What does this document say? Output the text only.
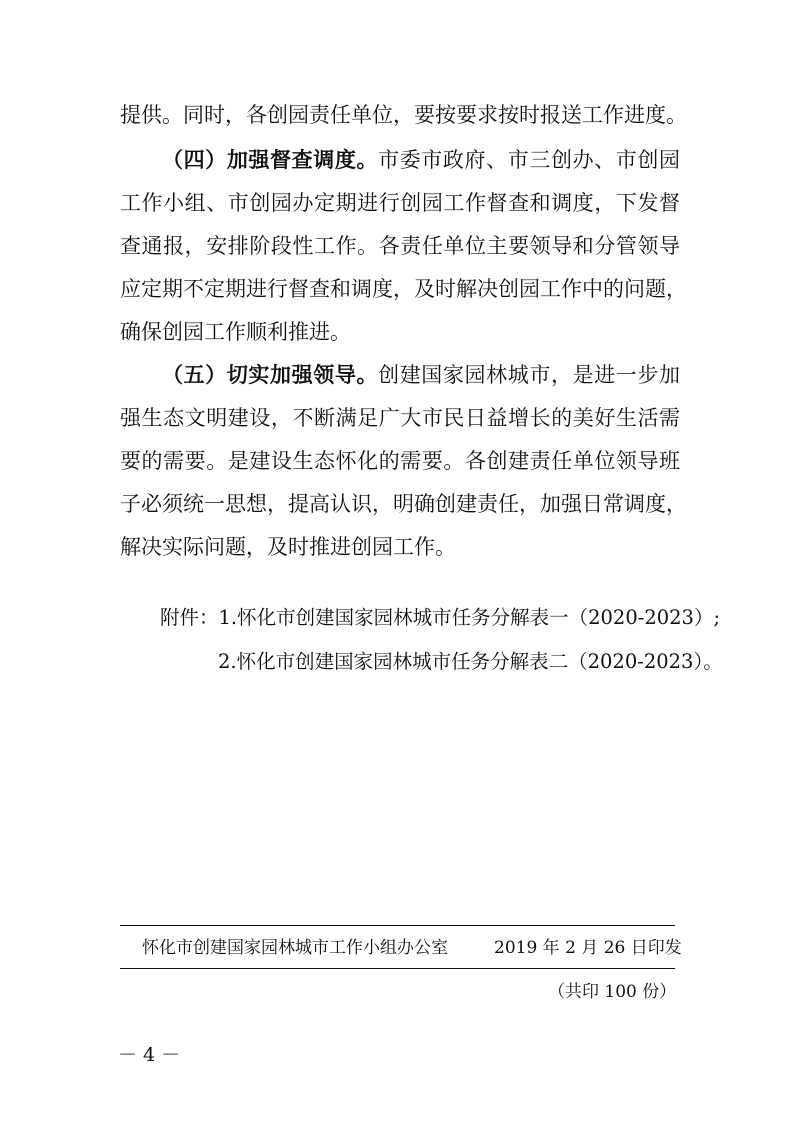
提供。同时，各创园责任单位，要按要求按时报送工作进度。
（四）加强督查调度。市委市政府、市三创办、市创园
工作小组、市创园办定期进行创园工作督查和调度，下发督
查通报，安排阶段性工作。各责任单位主要领导和分管领导
应定期不定期进行督查和调度，及时解决创园工作中的问题，
确保创园工作顺利推进。
（五）切实加强领导。创建国家园林城市，是进一步加
强生态文明建设，不断满足广大市民日益增长的美好生活需
要的需要。是建设生态怀化的需要。各创建责任单位领导班
子必须统一思想，提高认识，明确创建责任，加强日常调度，
解决实际问题，及时推进创园工作。
附件：1.怀化市创建国家园林城市任务分解表一（2020-2023）;
2.怀化市创建国家园林城市任务分解表二（2020-2023）。
怀化市创建国家园林城市工作小组办公室	2019 年 2 月 26 日印发
（共印 100 份）
－ 4 －
